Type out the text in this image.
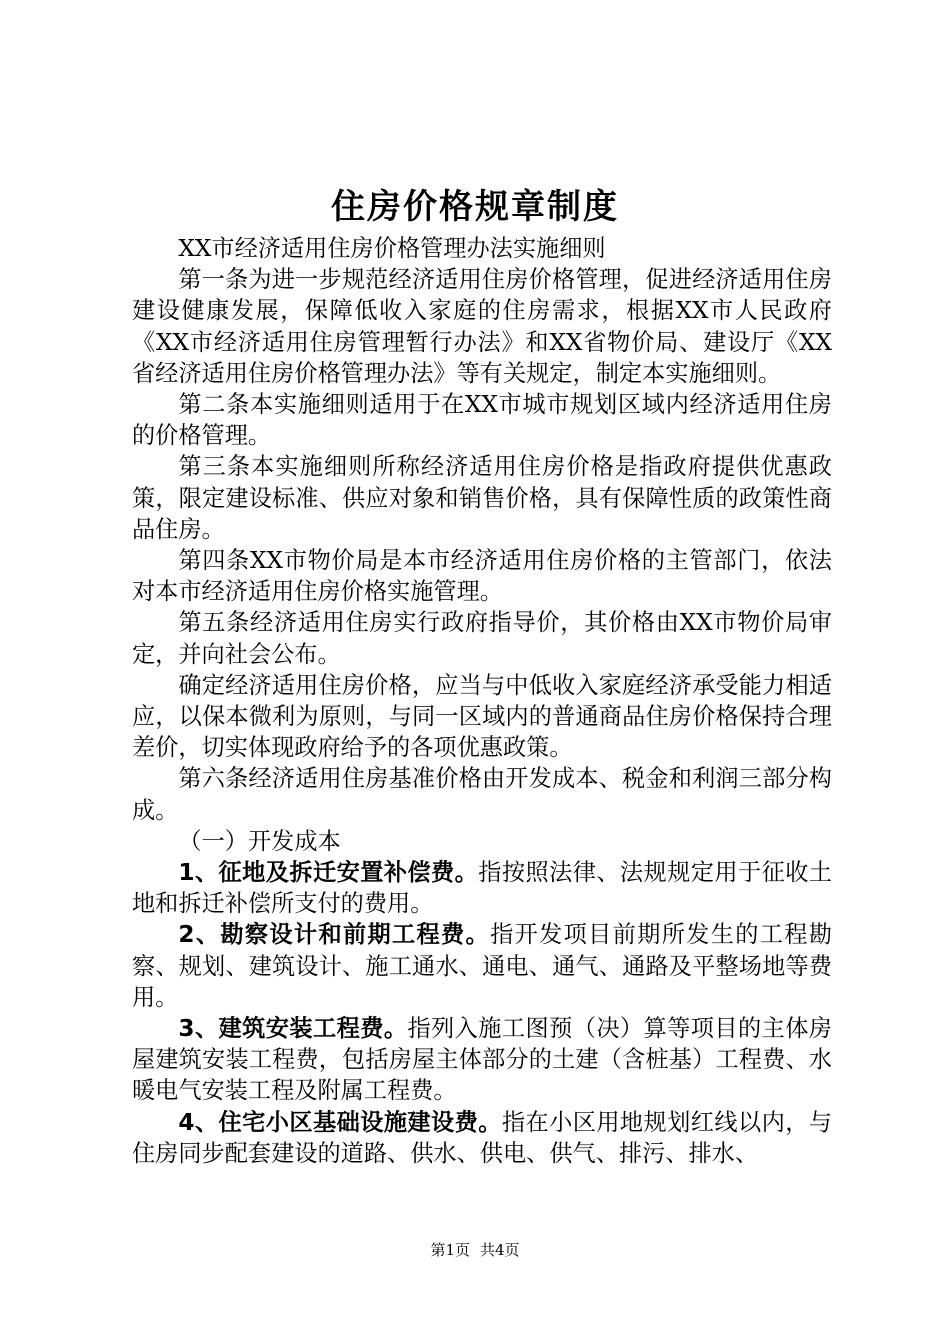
住房价格规章制度

XX市经济适用住房价格管理办法实施细则

第一条为进一步规范经济适用住房价格管理，促进经济适用住房建设健康发展，保障低收入家庭的住房需求，根据XX市人民政府《XX市经济适用住房管理暂行办法》和XX省物价局、建设厅《XX省经济适用住房价格管理办法》等有关规定，制定本实施细则。

第二条本实施细则适用于在XX市城市规划区域内经济适用住房的价格管理。

第三条本实施细则所称经济适用住房价格是指政府提供优惠政策，限定建设标准、供应对象和销售价格，具有保障性质的政策性商品住房。

第四条XX市物价局是本市经济适用住房价格的主管部门，依法对本市经济适用住房价格实施管理。

第五条经济适用住房实行政府指导价，其价格由XX市物价局审定，并向社会公布。

确定经济适用住房价格，应当与中低收入家庭经济承受能力相适应，以保本微利为原则，与同一区域内的普通商品住房价格保持合理差价，切实体现政府给予的各项优惠政策。

第六条经济适用住房基准价格由开发成本、税金和利润三部分构成。

（一）开发成本

1、征地及拆迁安置补偿费。指按照法律、法规规定用于征收土地和拆迁补偿所支付的费用。

2、勘察设计和前期工程费。指开发项目前期所发生的工程勘察、规划、建筑设计、施工通水、通电、通气、通路及平整场地等费用。

3、建筑安装工程费。指列入施工图预（决）算等项目的主体房屋建筑安装工程费，包括房屋主体部分的土建（含桩基）工程费、水暖电气安装工程及附属工程费。

4、住宅小区基础设施建设费。指在小区用地规划红线以内，与住房同步配套建设的道路、供水、供电、供气、排污、排水、

第1页 共4页
